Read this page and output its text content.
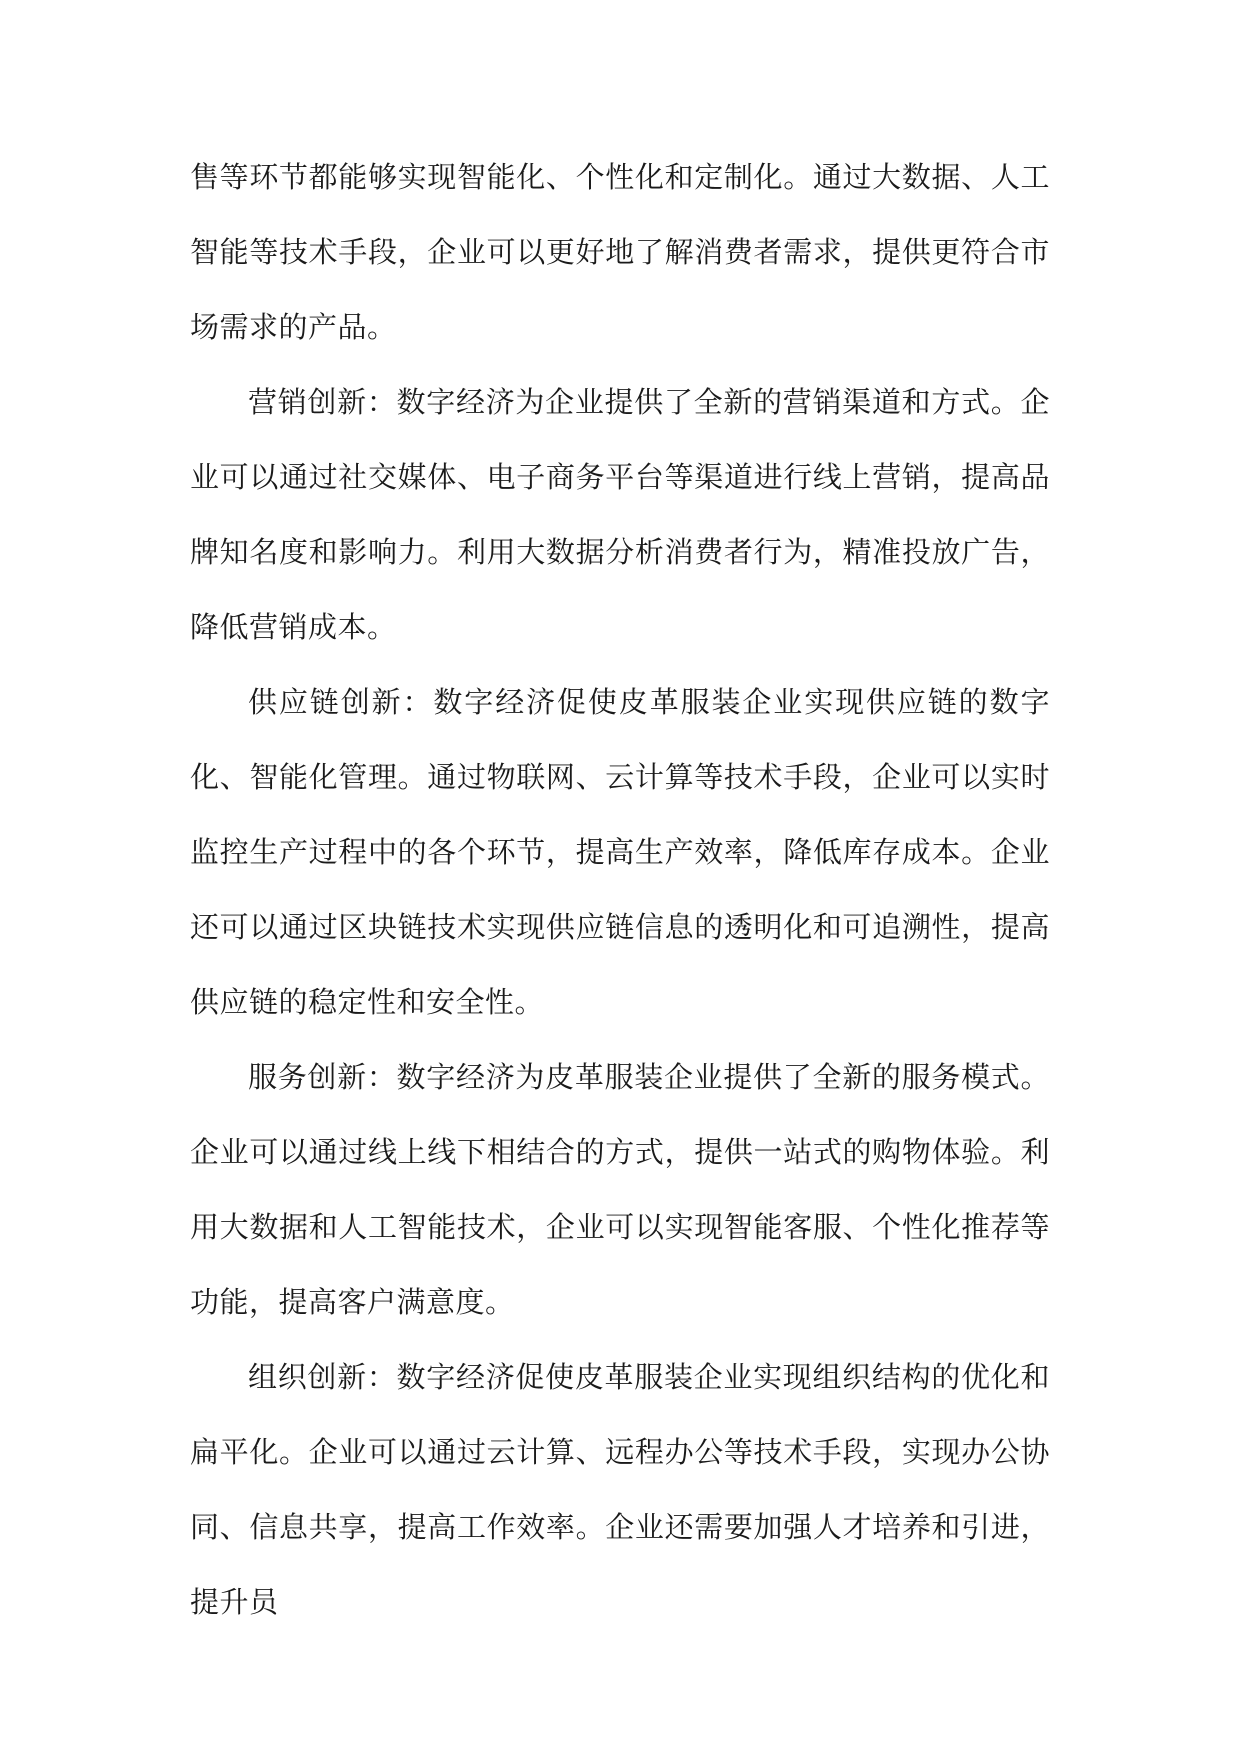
售等环节都能够实现智能化、个性化和定制化。通过大数据、人工智能等技术手段，企业可以更好地了解消费者需求，提供更符合市场需求的产品。

营销创新：数字经济为企业提供了全新的营销渠道和方式。企业可以通过社交媒体、电子商务平台等渠道进行线上营销，提高品牌知名度和影响力。利用大数据分析消费者行为，精准投放广告，降低营销成本。

供应链创新：数字经济促使皮革服装企业实现供应链的数字化、智能化管理。通过物联网、云计算等技术手段，企业可以实时监控生产过程中的各个环节，提高生产效率，降低库存成本。企业还可以通过区块链技术实现供应链信息的透明化和可追溯性，提高供应链的稳定性和安全性。

服务创新：数字经济为皮革服装企业提供了全新的服务模式。企业可以通过线上线下相结合的方式，提供一站式的购物体验。利用大数据和人工智能技术，企业可以实现智能客服、个性化推荐等功能，提高客户满意度。

组织创新：数字经济促使皮革服装企业实现组织结构的优化和扁平化。企业可以通过云计算、远程办公等技术手段，实现办公协同、信息共享，提高工作效率。企业还需要加强人才培养和引进，提升员
